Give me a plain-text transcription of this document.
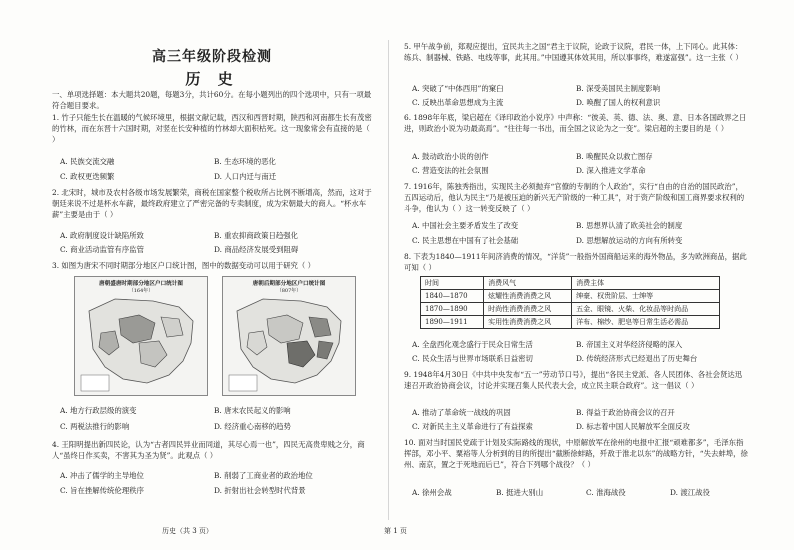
高三年级阶段检测
历 史
一、单项选择题：本大题共20题，每题3分，共计60分。在每小题列出的四个选项中，只有一项最符合题目要求。
1. 竹子只能生长在温暖的气候环境里，根据文献记载，西汉和西晋时期，陕西和河南都生长有茂密的竹林，而在东晋十六国时期，对竖在长安种植的竹林却大面积枯死。这一现象常会有直接的是（ ）
A. 民族交流交融	B. 生态环境的恶化
C. 政权更迭频繁	D. 人口内迁与南迁
2. 北宋时，城市及农村各级市场发展繁荣，商税在国家整个税收所占比例不断增高，然而，这对于朝廷来说不过是杯水车薪，最终政府建立了严密完备的专卖制度，成为宋朝最大的商人。“杯水车薪”主要是由于（ ）
A. 政府制度设计缺陷所致	B. 重农抑商政策日趋强化
C. 商业活动监管有序监管	D. 商品经济发展受到阻碍
3. 如图为唐宋不同时期部分地区户口统计图，图中的数据变动可以用于研究（ ）
唐朝盛唐时期部分地区户口统计图
（164年）
唐朝后期部分地区户口统计图
（807年）
A. 地方行政层级的演变	B. 唐末农民起义的影响
C. 两税法推行的影响	D. 经济重心南移的趋势
4. 王阳明提出新四民论，认为“古者四民异业而同道，其尽心焉一也”，四民无高贵卑贱之分，商人“虽终日作买卖，不害其为圣为贤”。此观点（ ）
A. 冲击了儒学的主导地位	B. 削弱了工商业者的政治地位
C. 旨在挫解传统伦理秩序	D. 折射出社会转型时代背景
历史（共 3 页）
5. 甲午战争前，郑观应提出，宜民共主之国“君主于议院，论政于议院，君民一体，上下同心。此其体：练兵、制器械、铁路、电线等事，此其用。”中国遵其体效其用，所以事事终，难遂富强”。这一主张（ ）
A. 突破了“中体西用”的窠臼	B. 深受美国民主制度影响
C. 反映出革命思想成为主流	D. 唤醒了国人的权利意识
6. 1898年年底，梁启超在《译印政治小说序》中声称：“彼美、英、德、法、奥、意、日本各国政界之日进，则政治小说为功最高焉”。“往往每一书出，而全国之议论为之一变”。梁启超的主要目的是（ ）
A. 鼓动政治小说的创作	B. 唤醒民众以救亡图存
C. 营造变法的社会氛围	D. 深入推进文学革命
7. 1916年，陈独秀指出，实现民主必须抛弃“官僚的专制的个人政治”，实行“自由的自治的国民政治”，五四运动后，他认为民主“乃是被压迫的新兴无产阶级的一种工具”，对于资产阶级和国工商界要求权利的斗争，他认为（ ）这一转变反映了（ ）
A. 中国社会主要矛盾发生了改变	B. 思想界认清了欧美社会的制度
C. 民主思想在中国有了社会基础	D. 思想解放运动的方向有所转变
8. 下表为1840—1911年间济消费的情况，“洋货”一般指外国商船运来的海外物品，多为欧洲商品，据此可知（ ）
时间	消费风气	消费主体
1840—1870	炫耀性消费消费之风	绅豪、权贵阶层、士绅等
1870—1890	时尚性消费消费之风	五金、眼镜、火柴、化妆品等时尚品
1890—1911	实用性消费消费之风	洋布、棉纱、肥皂等日常生活必需品
A. 全盘西化观念盛行于民众日常生活	B. 帝国主义对华经济侵略的深入
C. 民众生活与世界市场联系日益密切	D. 传统经济形式已经退出了历史舞台
9. 1948年4月30日《中共中央发布“五一”劳动节口号》，提出“各民主党派、各人民团体、各社会贤达迅速召开政治协商会议，讨论并实现召集人民代表大会，成立民主联合政府”。这一倡议（ ）
A. 推动了革命统一战线的巩固	B. 得益于政治协商会议的召开
C. 对新民主主义革命进行了有益探索	D. 标志着中国人民解放军全面反攻
10. 面对当时国民党疏于计划及实际路线的现状，中原解放军在徐州的电报中汇报“顽难都多”，毛泽东指挥部，邓小平、粟裕等人分析到的目的所提出“截断徐蚌路，歼敌于淮北以东”的战略方针，“失去蚌埠，徐州、南京，置之于死地而后已”，符合下列哪个战役？（ ）
A. 徐州会战	B. 挺进大别山	C. 淮海战役	D. 渡江战役
第 1 页
